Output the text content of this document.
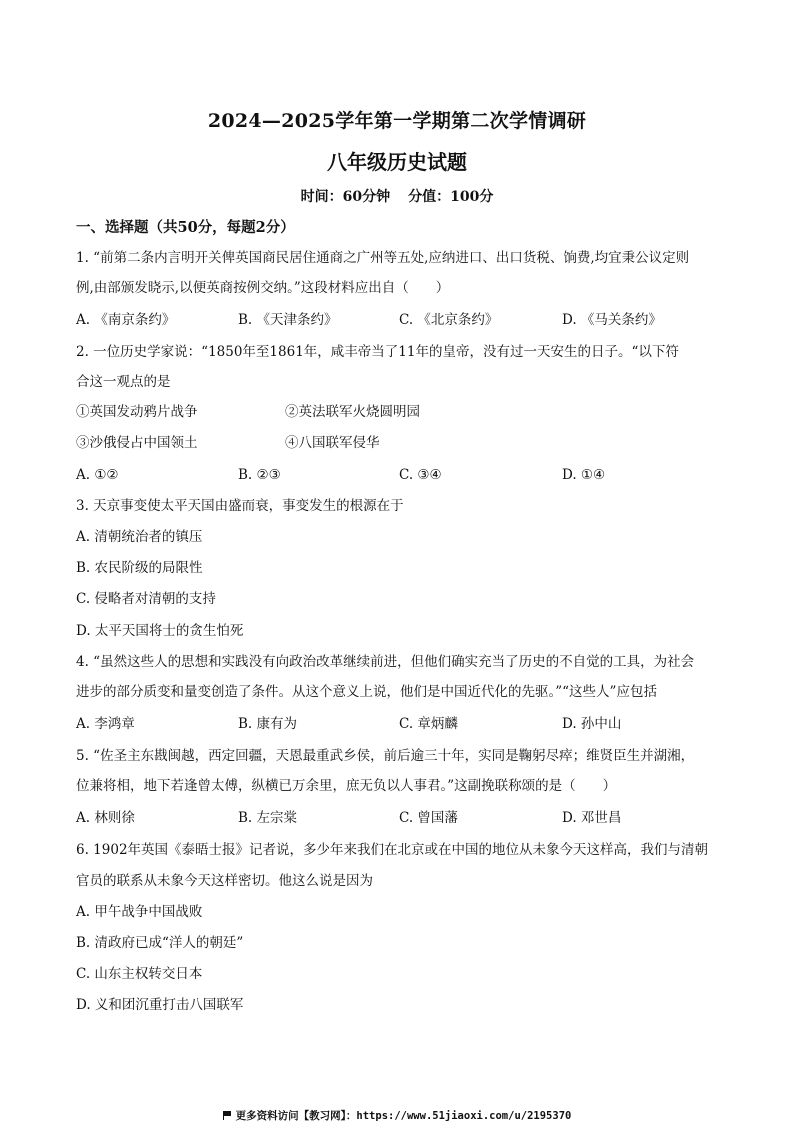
2024—2025学年第一学期第二次学情调研
八年级历史试题
时间：60分钟 分值：100分
一、选择题（共50分，每题2分）
1. “前第二条内言明开关俾英国商民居住通商之广州等五处,应纳进口、出口货税、饷费,均宜秉公议定则
例,由部颁发晓示,以便英商按例交纳。”这段材料应出自（　　）
A. 《南京条约》	B. 《天津条约》	C. 《北京条约》	D. 《马关条约》
2. 一位历史学家说：“1850年至1861年，咸丰帝当了11年的皇帝，没有过一天安生的日子。“以下符
合这一观点的是
①英国发动鸦片战争	②英法联军火烧圆明园
③沙俄侵占中国领土	④八国联军侵华
A. ①②	B. ②③	C. ③④	D. ①④
3. 天京事变使太平天国由盛而衰，事变发生的根源在于
A. 清朝统治者的镇压
B. 农民阶级的局限性
C. 侵略者对清朝的支持
D. 太平天国将士的贪生怕死
4. “虽然这些人的思想和实践没有向政治改革继续前进，但他们确实充当了历史的不自觉的工具，为社会
进步的部分质变和量变创造了条件。从这个意义上说，他们是中国近代化的先驱。”“这些人”应包括
A. 李鸿章	B. 康有为	C. 章炳麟	D. 孙中山
5. “佐圣主东戡闽越，西定回疆，天恩最重武乡侯，前后逾三十年，实同是鞠躬尽瘁；维贤臣生并湖湘，
位兼将相，地下若逢曾太傅，纵横已万余里，庶无负以人事君。”这副挽联称颂的是（　　）
A. 林则徐	B. 左宗棠	C. 曾国藩	D. 邓世昌
6. 1902年英国《泰晤士报》记者说，多少年来我们在北京或在中国的地位从未象今天这样高，我们与清朝
官员的联系从未象今天这样密切。他这么说是因为
A. 甲午战争中国战败
B. 清政府已成“洋人的朝廷”
C. 山东主权转交日本
D. 义和团沉重打击八国联军
更多资料访问【教习网】：https://www.51jiaoxi.com/u/2195370
